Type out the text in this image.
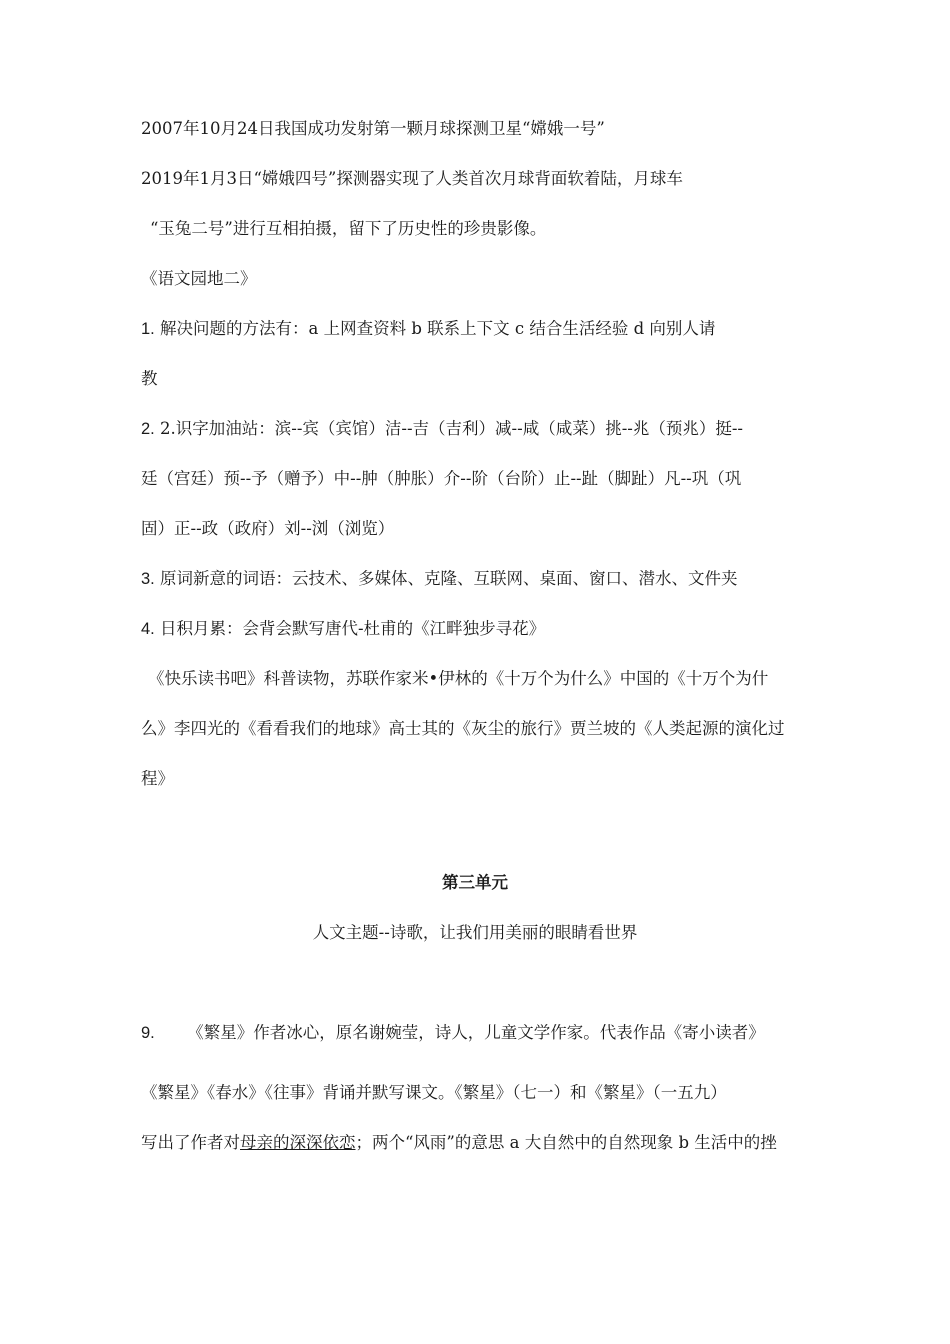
2007年10月24日我国成功发射第一颗月球探测卫星“嫦娥一号”
2019年1月3日“嫦娥四号”探测器实现了人类首次月球背面软着陆，月球车
“玉兔二号”进行互相拍摄，留下了历史性的珍贵影像。
《语文园地二》
1. 解决问题的方法有：a 上网查资料 b 联系上下文 c 结合生活经验 d 向别人请
教
2. 2.识字加油站：滨--宾（宾馆）洁--吉（吉利）减--咸（咸菜）挑--兆（预兆）挺--
廷（宫廷）预--予（赠予）中--肿（肿胀）介--阶（台阶）止--趾（脚趾）凡--巩（巩
固）正--政（政府）刘--浏（浏览）
3. 原词新意的词语：云技术、多媒体、克隆、互联网、桌面、窗口、潜水、文件夹
4. 日积月累：会背会默写唐代-杜甫的《江畔独步寻花》
《快乐读书吧》科普读物，苏联作家米•伊林的《十万个为什么》中国的《十万个为什
么》李四光的《看看我们的地球》高士其的《灰尘的旅行》贾兰坡的《人类起源的演化过
程》
第三单元
人文主题--诗歌，让我们用美丽的眼睛看世界
9. 《繁星》作者冰心，原名谢婉莹，诗人，儿童文学作家。代表作品《寄小读者》
《繁星》《春水》《往事》背诵并默写课文。《繁星》（七一）和《繁星》（一五九）
写出了作者对母亲的深深依恋；两个“风雨”的意思 a 大自然中的自然现象 b 生活中的挫
